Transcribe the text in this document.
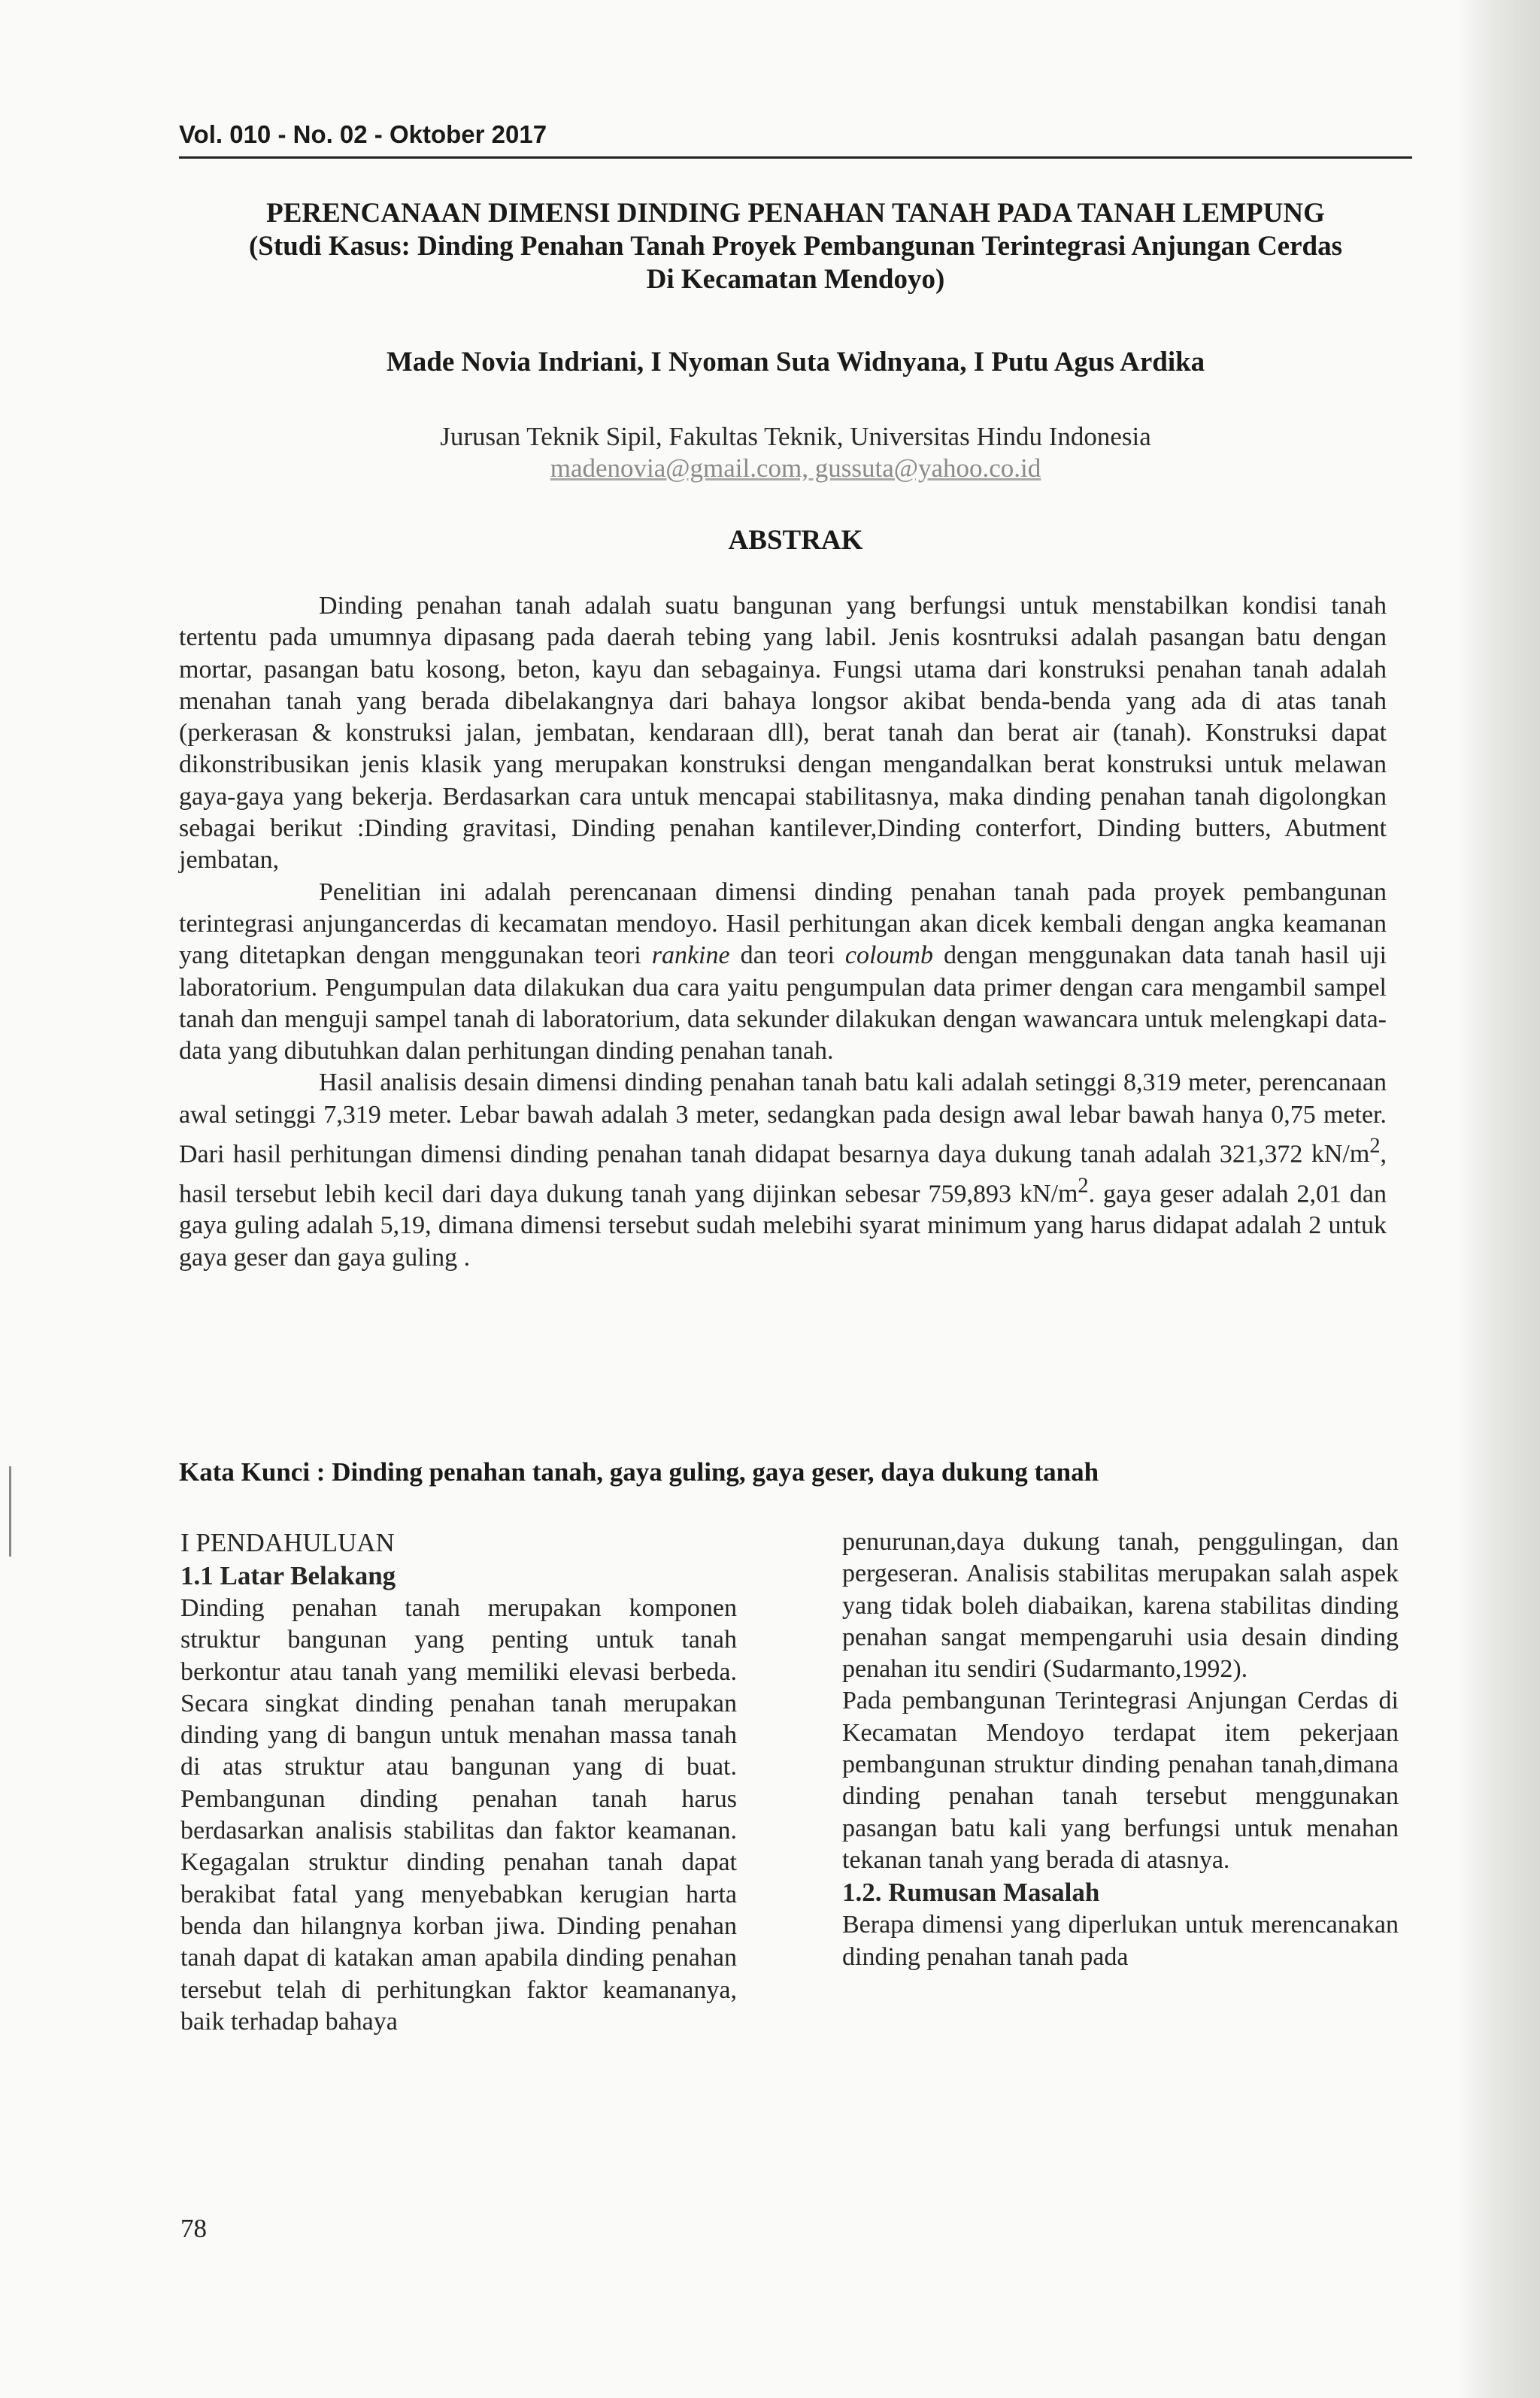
Vol. 010 - No. 02 - Oktober 2017
PERENCANAAN DIMENSI DINDING PENAHAN TANAH PADA TANAH LEMPUNG
(Studi Kasus: Dinding Penahan Tanah Proyek Pembangunan Terintegrasi Anjungan Cerdas
Di Kecamatan Mendoyo)
Made Novia Indriani, I Nyoman Suta Widnyana, I Putu Agus Ardika
Jurusan Teknik Sipil, Fakultas Teknik, Universitas Hindu Indonesia
madenovia@gmail.com, gussuta@yahoo.co.id
ABSTRAK

Dinding penahan tanah adalah suatu bangunan yang berfungsi untuk menstabilkan kondisi tanah tertentu pada umumnya dipasang pada daerah tebing yang labil. Jenis kosntruksi adalah pasangan batu dengan mortar, pasangan batu kosong, beton, kayu dan sebagainya. Fungsi utama dari konstruksi penahan tanah adalah menahan tanah yang berada dibelakangnya dari bahaya longsor akibat benda-benda yang ada di atas tanah (perkerasan & konstruksi jalan, jembatan, kendaraan dll), berat tanah dan berat air (tanah). Konstruksi dapat dikonstribusikan jenis klasik yang merupakan konstruksi dengan mengandalkan berat konstruksi untuk melawan gaya-gaya yang bekerja. Berdasarkan cara untuk mencapai stabilitasnya, maka dinding penahan tanah digolongkan sebagai berikut :Dinding gravitasi, Dinding penahan kantilever,Dinding conterfort, Dinding butters, Abutment jembatan,

Penelitian ini adalah perencanaan dimensi dinding penahan tanah pada proyek pembangunan terintegrasi anjungancerdas di kecamatan mendoyo. Hasil perhitungan akan dicek kembali dengan angka keamanan yang ditetapkan dengan menggunakan teori rankine dan teori coloumb dengan menggunakan data tanah hasil uji laboratorium. Pengumpulan data dilakukan dua cara yaitu pengumpulan data primer dengan cara mengambil sampel tanah dan menguji sampel tanah di laboratorium, data sekunder dilakukan dengan wawancara untuk melengkapi data-data yang dibutuhkan dalan perhitungan dinding penahan tanah.

Hasil analisis desain dimensi dinding penahan tanah batu kali adalah setinggi 8,319 meter, perencanaan awal setinggi 7,319 meter. Lebar bawah adalah 3 meter, sedangkan pada design awal lebar bawah hanya 0,75 meter. Dari hasil perhitungan dimensi dinding penahan tanah didapat besarnya daya dukung tanah adalah 321,372 $kN/m^2$, hasil tersebut lebih kecil dari daya dukung tanah yang dijinkan sebesar 759,893 $kN/m^2$. gaya geser adalah 2,01 dan gaya guling adalah 5,19, dimana dimensi tersebut sudah melebihi syarat minimum yang harus didapat adalah 2 untuk gaya geser dan gaya guling .

Kata Kunci : Dinding penahan tanah, gaya guling, gaya geser, daya dukung tanah
I PENDAHULUAN
1.1 Latar Belakang

Dinding penahan tanah merupakan komponen struktur bangunan yang penting untuk tanah berkontur atau tanah yang memiliki elevasi berbeda. Secara singkat dinding penahan tanah merupakan dinding yang di bangun untuk menahan massa tanah di atas struktur atau bangunan yang di buat. Pembangunan dinding penahan tanah harus berdasarkan analisis stabilitas dan faktor keamanan. Kegagalan struktur dinding penahan tanah dapat berakibat fatal yang menyebabkan kerugian harta benda dan hilangnya korban jiwa. Dinding penahan tanah dapat di katakan aman apabila dinding penahan tersebut telah di perhitungkan faktor keamananya, baik terhadap bahaya

penurunan,daya dukung tanah, penggulingan, dan pergeseran. Analisis stabilitas merupakan salah aspek yang tidak boleh diabaikan, karena stabilitas dinding penahan sangat mempengaruhi usia desain dinding penahan itu sendiri (Sudarmanto,1992).

Pada pembangunan Terintegrasi Anjungan Cerdas di Kecamatan Mendoyo terdapat item pekerjaan pembangunan struktur dinding penahan tanah,dimana dinding penahan tanah tersebut menggunakan pasangan batu kali yang berfungsi untuk menahan tekanan tanah yang berada di atasnya.

1.2. Rumusan Masalah

Berapa dimensi yang diperlukan untuk merencanakan dinding penahan tanah pada

78
